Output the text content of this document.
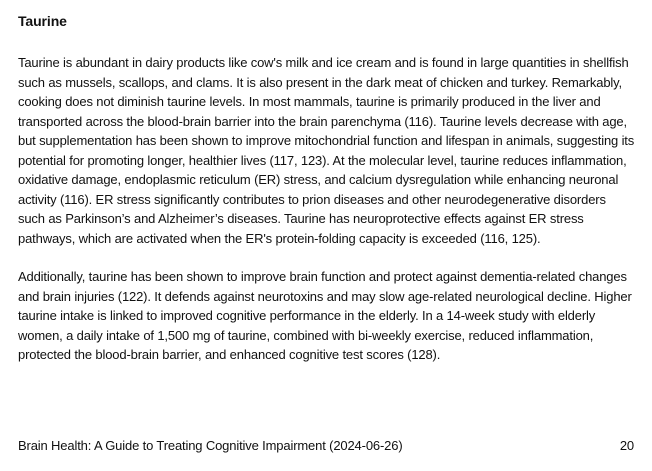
Taurine

Taurine is abundant in dairy products like cow's milk and ice cream and is found in large quantities in shellfish such as mussels, scallops, and clams. It is also present in the dark meat of chicken and turkey. Remarkably, cooking does not diminish taurine levels. In most mammals, taurine is primarily produced in the liver and transported across the blood-brain barrier into the brain parenchyma (116). Taurine levels decrease with age, but supplementation has been shown to improve mitochondrial function and lifespan in animals, suggesting its potential for promoting longer, healthier lives (117, 123). At the molecular level, taurine reduces inflammation, oxidative damage, endoplasmic reticulum (ER) stress, and calcium dysregulation while enhancing neuronal activity (116). ER stress significantly contributes to prion diseases and other neurodegenerative disorders such as Parkinson’s and Alzheimer’s diseases. Taurine has neuroprotective effects against ER stress pathways, which are activated when the ER's protein-folding capacity is exceeded (116, 125).

Additionally, taurine has been shown to improve brain function and protect against dementia-related changes and brain injuries (122). It defends against neurotoxins and may slow age-related neurological decline. Higher taurine intake is linked to improved cognitive performance in the elderly. In a 14-week study with elderly women, a daily intake of 1,500 mg of taurine, combined with bi-weekly exercise, reduced inflammation, protected the blood-brain barrier, and enhanced cognitive test scores (128).

Brain Health: A Guide to Treating Cognitive Impairment (2024-06-26)	20
